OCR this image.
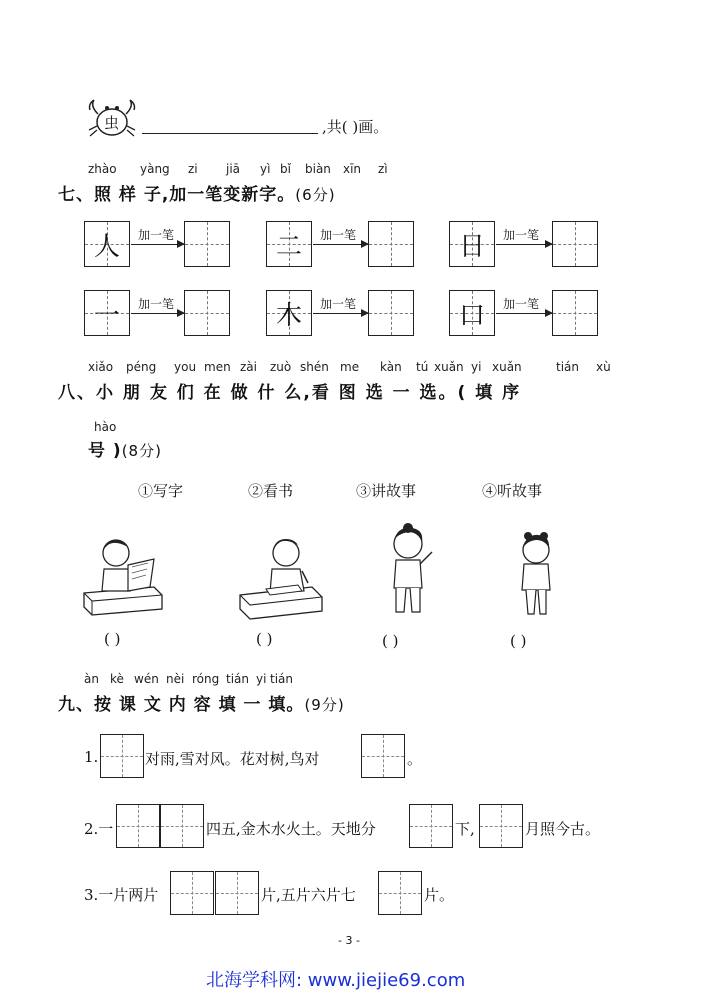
虫	,共( )画。
zhào yàng zi jiā yì bǐ biàn xīn zì
七、照 样 子,加一笔变新字。(6分)
人	加一笔	二	加一笔	日	加一笔
一	加一笔	木	加一笔	口	加一笔
xiǎo péng you men zài zuò shén me kàn tú xuǎn yi xuǎn	tián xù
八、小 朋 友 们 在 做 什 么,看 图 选 一 选。( 填 序
hào
号 )(8分)
①写字	②看书	③讲故事	④听故事
( )	( )	( )	( )
àn kè wén nèi róng tián yi tián
九、按 课 文 内 容 填 一 填。(9分)
1.	对雨,雪对风。花对树,鸟对	。
2.一	四五,金木水火土。天地分	下,	月照今古。
3.一片两片	片,五片六片七	片。
- 3 -
北海学科网: www.jiejie69.com
